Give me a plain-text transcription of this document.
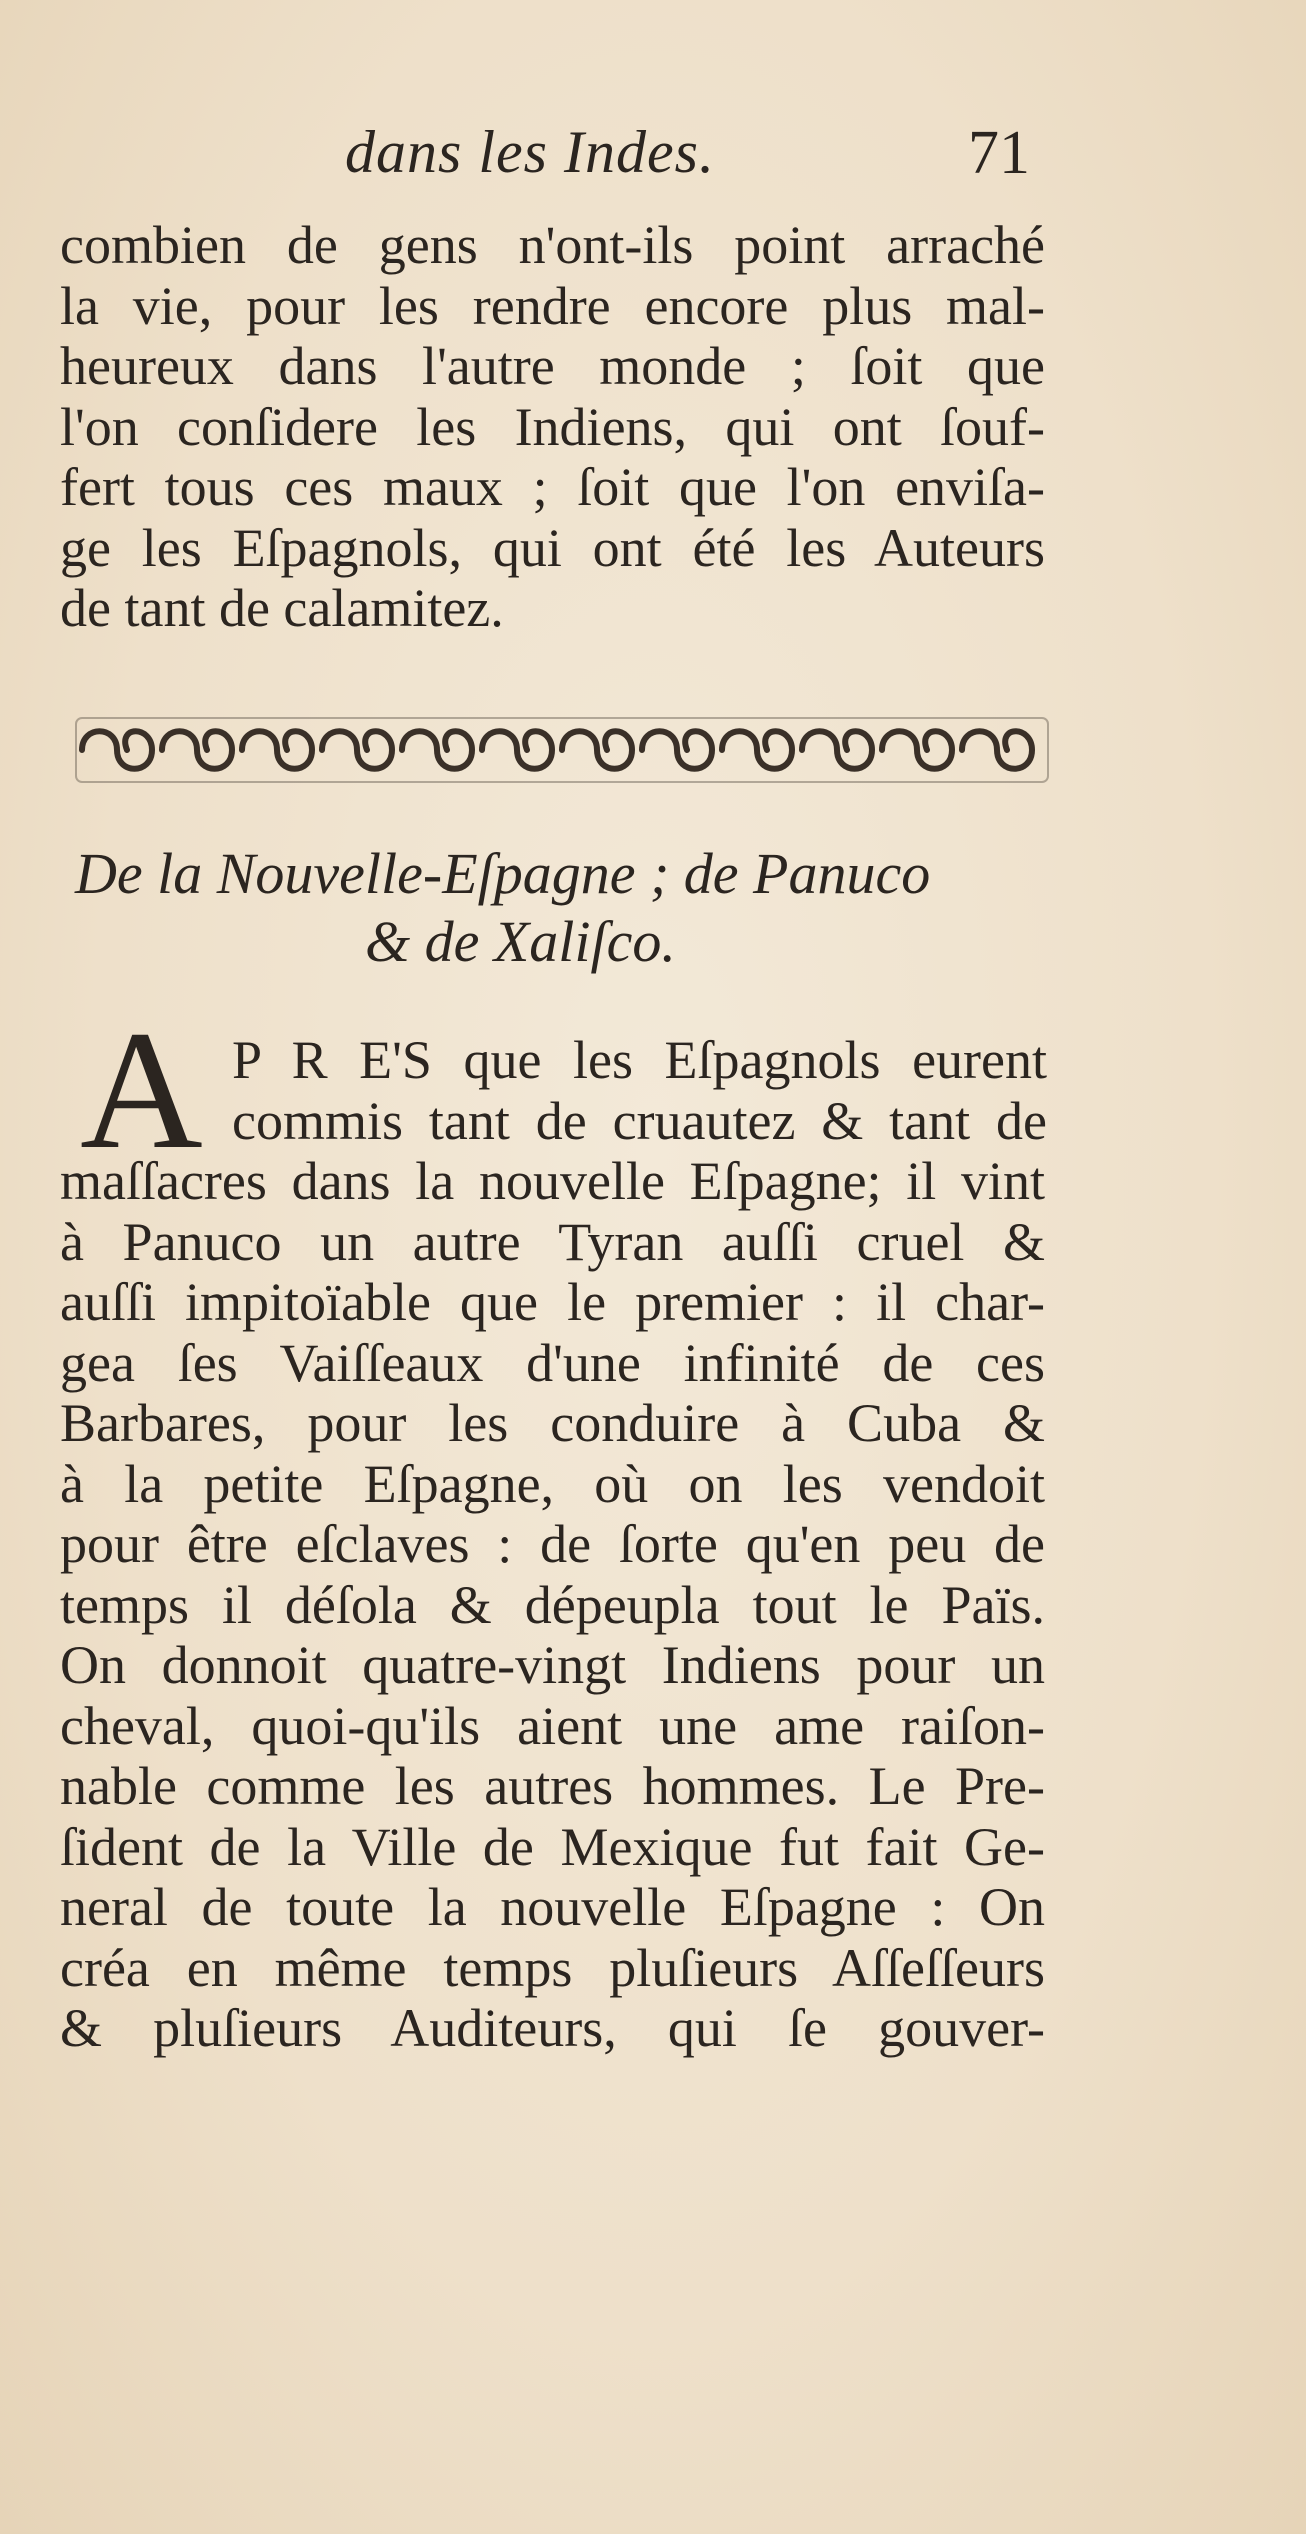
dans les Indes.	71
combien de gens n'ont-ils point arraché
la vie, pour les rendre encore plus mal-
heureux dans l'autre monde ; ſoit que
l'on conſidere les Indiens, qui ont ſouf-
fert tous ces maux ; ſoit que l'on enviſa-
ge les Eſpagnols, qui ont été les Auteurs
de tant de calamitez.
De la Nouvelle-Eſpagne ; de Panuco
& de Xaliſco.
A P R E'S que les Eſpagnols eurent
commis tant de cruautez & tant de
maſſacres dans la nouvelle Eſpagne; il vint
à Panuco un autre Tyran auſſi cruel &
auſſi impitoïable que le premier : il char-
gea ſes Vaiſſeaux d'une infinité de ces
Barbares, pour les conduire à Cuba &
à la petite Eſpagne, où on les vendoit
pour être eſclaves : de ſorte qu'en peu de
temps il déſola & dépeupla tout le Païs.
On donnoit quatre-vingt Indiens pour un
cheval, quoi-qu'ils aient une ame raiſon-
nable comme les autres hommes. Le Pre-
ſident de la Ville de Mexique fut fait Ge-
neral de toute la nouvelle Eſpagne : On
créa en même temps pluſieurs Aſſeſſeurs
& pluſieurs Auditeurs, qui ſe gouver-
